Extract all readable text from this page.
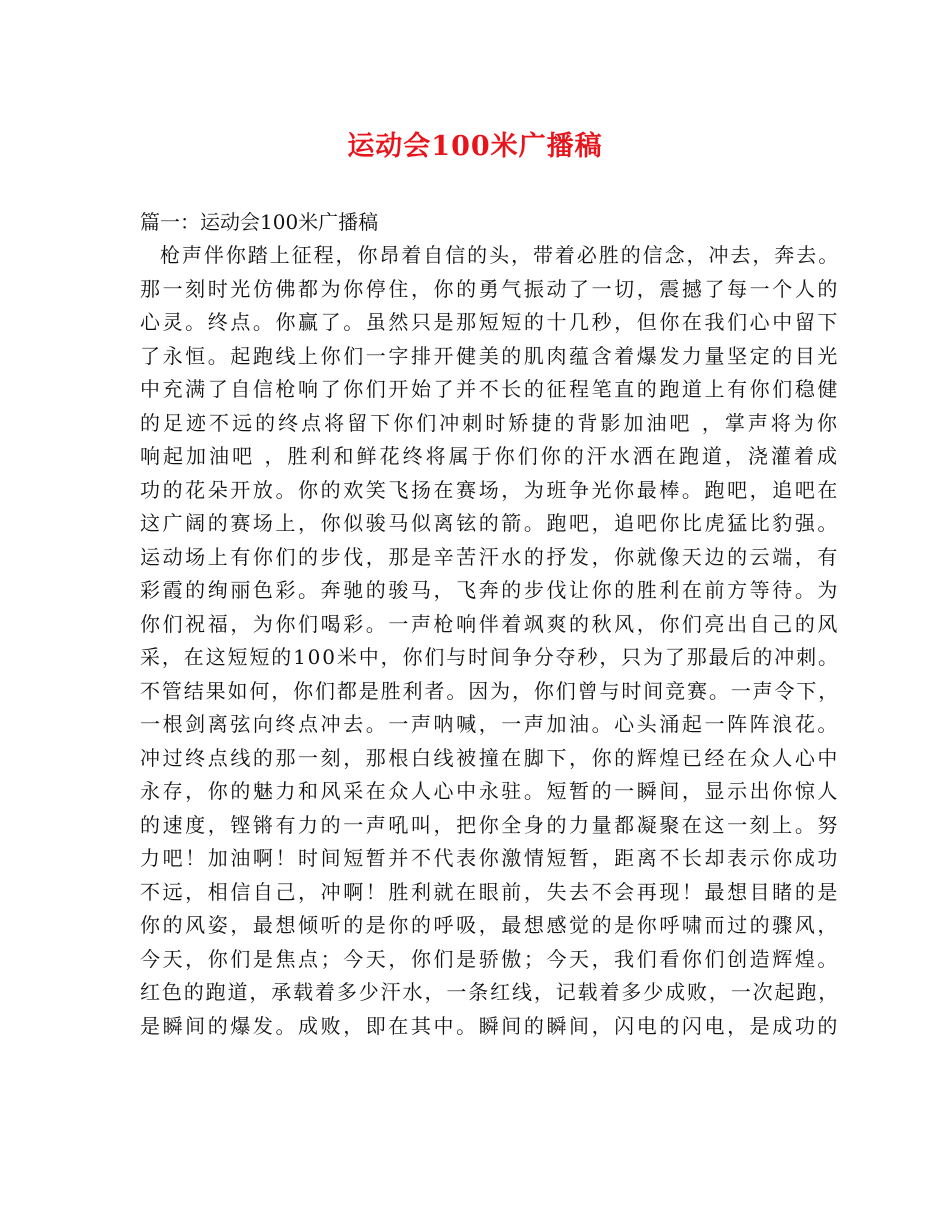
运动会100米广播稿

篇一：运动会100米广播稿

枪声伴你踏上征程，你昂着自信的头，带着必胜的信念，冲去，奔去。
那一刻时光仿佛都为你停住，你的勇气振动了一切，震撼了每一个人的
心灵。终点。你赢了。虽然只是那短短的十几秒，但你在我们心中留下
了永恒。起跑线上你们一字排开健美的肌肉蕴含着爆发力量坚定的目光
中充满了自信枪响了你们开始了并不长的征程笔直的跑道上有你们稳健
的足迹不远的终点将留下你们冲刺时矫捷的背影加油吧 ，掌声将为你
响起加油吧 ，胜利和鲜花终将属于你们你的汗水洒在跑道，浇灌着成
功的花朵开放。你的欢笑飞扬在赛场，为班争光你最棒。跑吧，追吧在
这广阔的赛场上，你似骏马似离铉的箭。跑吧，追吧你比虎猛比豹强。
运动场上有你们的步伐，那是辛苦汗水的抒发，你就像天边的云端，有
彩霞的绚丽色彩。奔驰的骏马，飞奔的步伐让你的胜利在前方等待。为
你们祝福，为你们喝彩。一声枪响伴着飒爽的秋风，你们亮出自己的风
采，在这短短的100米中，你们与时间争分夺秒，只为了那最后的冲刺。
不管结果如何，你们都是胜利者。因为，你们曾与时间竞赛。一声令下，
一根剑离弦向终点冲去。一声呐喊，一声加油。心头涌起一阵阵浪花。
冲过终点线的那一刻，那根白线被撞在脚下，你的辉煌已经在众人心中
永存，你的魅力和风采在众人心中永驻。短暂的一瞬间，显示出你惊人
的速度，铿锵有力的一声吼叫，把你全身的力量都凝聚在这一刻上。努
力吧！加油啊！时间短暂并不代表你激情短暂，距离不长却表示你成功
不远，相信自己，冲啊！胜利就在眼前，失去不会再现！最想目睹的是
你的风姿，最想倾听的是你的呼吸，最想感觉的是你呼啸而过的骤风，
今天，你们是焦点；今天，你们是骄傲；今天，我们看你们创造辉煌。
红色的跑道，承载着多少汗水，一条红线，记载着多少成败，一次起跑，
是瞬间的爆发。成败，即在其中。瞬间的瞬间，闪电的闪电，是成功的
